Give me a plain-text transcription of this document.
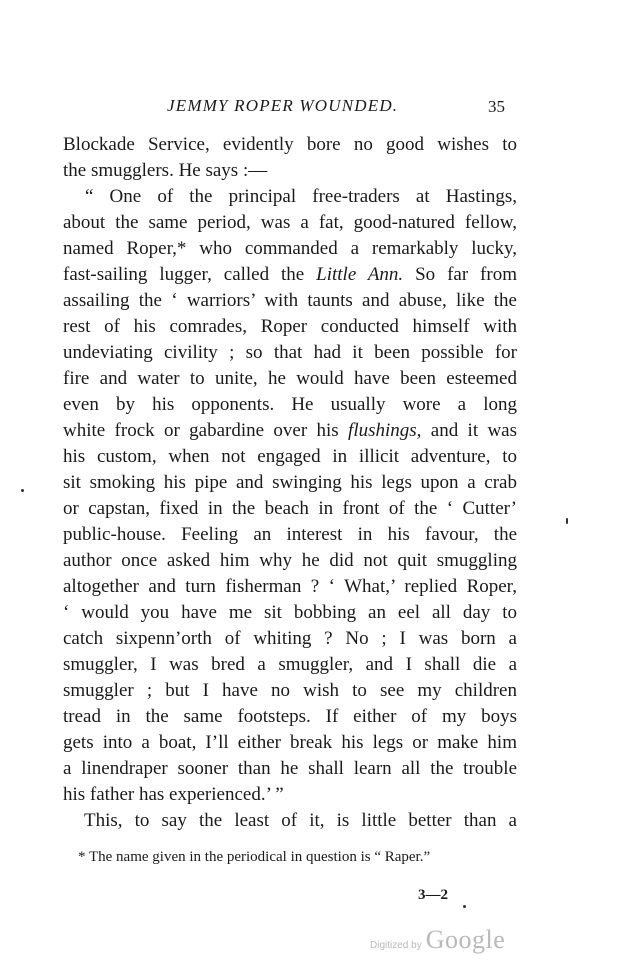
JEMMY ROPER WOUNDED.	35
Blockade Service, evidently bore no good wishes to
the smugglers. He says :—
“ One of the principal free-traders at Hastings,
about the same period, was a fat, good-natured fellow,
named Roper,* who commanded a remarkably lucky,
fast-sailing lugger, called the Little Ann. So far from
assailing the ‘ warriors’ with taunts and abuse, like the
rest of his comrades, Roper conducted himself with
undeviating civility ; so that had it been possible for
fire and water to unite, he would have been esteemed
even by his opponents. He usually wore a long
white frock or gabardine over his flushings, and it was
his custom, when not engaged in illicit adventure, to
sit smoking his pipe and swinging his legs upon a crab
or capstan, fixed in the beach in front of the ‘ Cutter’
public-house. Feeling an interest in his favour, the
author once asked him why he did not quit smuggling
altogether and turn fisherman ? ‘ What,’ replied Roper,
‘ would you have me sit bobbing an eel all day to
catch sixpenn’orth of whiting ? No ; I was born a
smuggler, I was bred a smuggler, and I shall die a
smuggler ; but I have no wish to see my children
tread in the same footsteps. If either of my boys
gets into a boat, I’ll either break his legs or make him
a linendraper sooner than he shall learn all the trouble
his father has experienced.’ ”
This, to say the least of it, is little better than a
* The name given in the periodical in question is “ Raper.”
3—2
Digitized by Google
